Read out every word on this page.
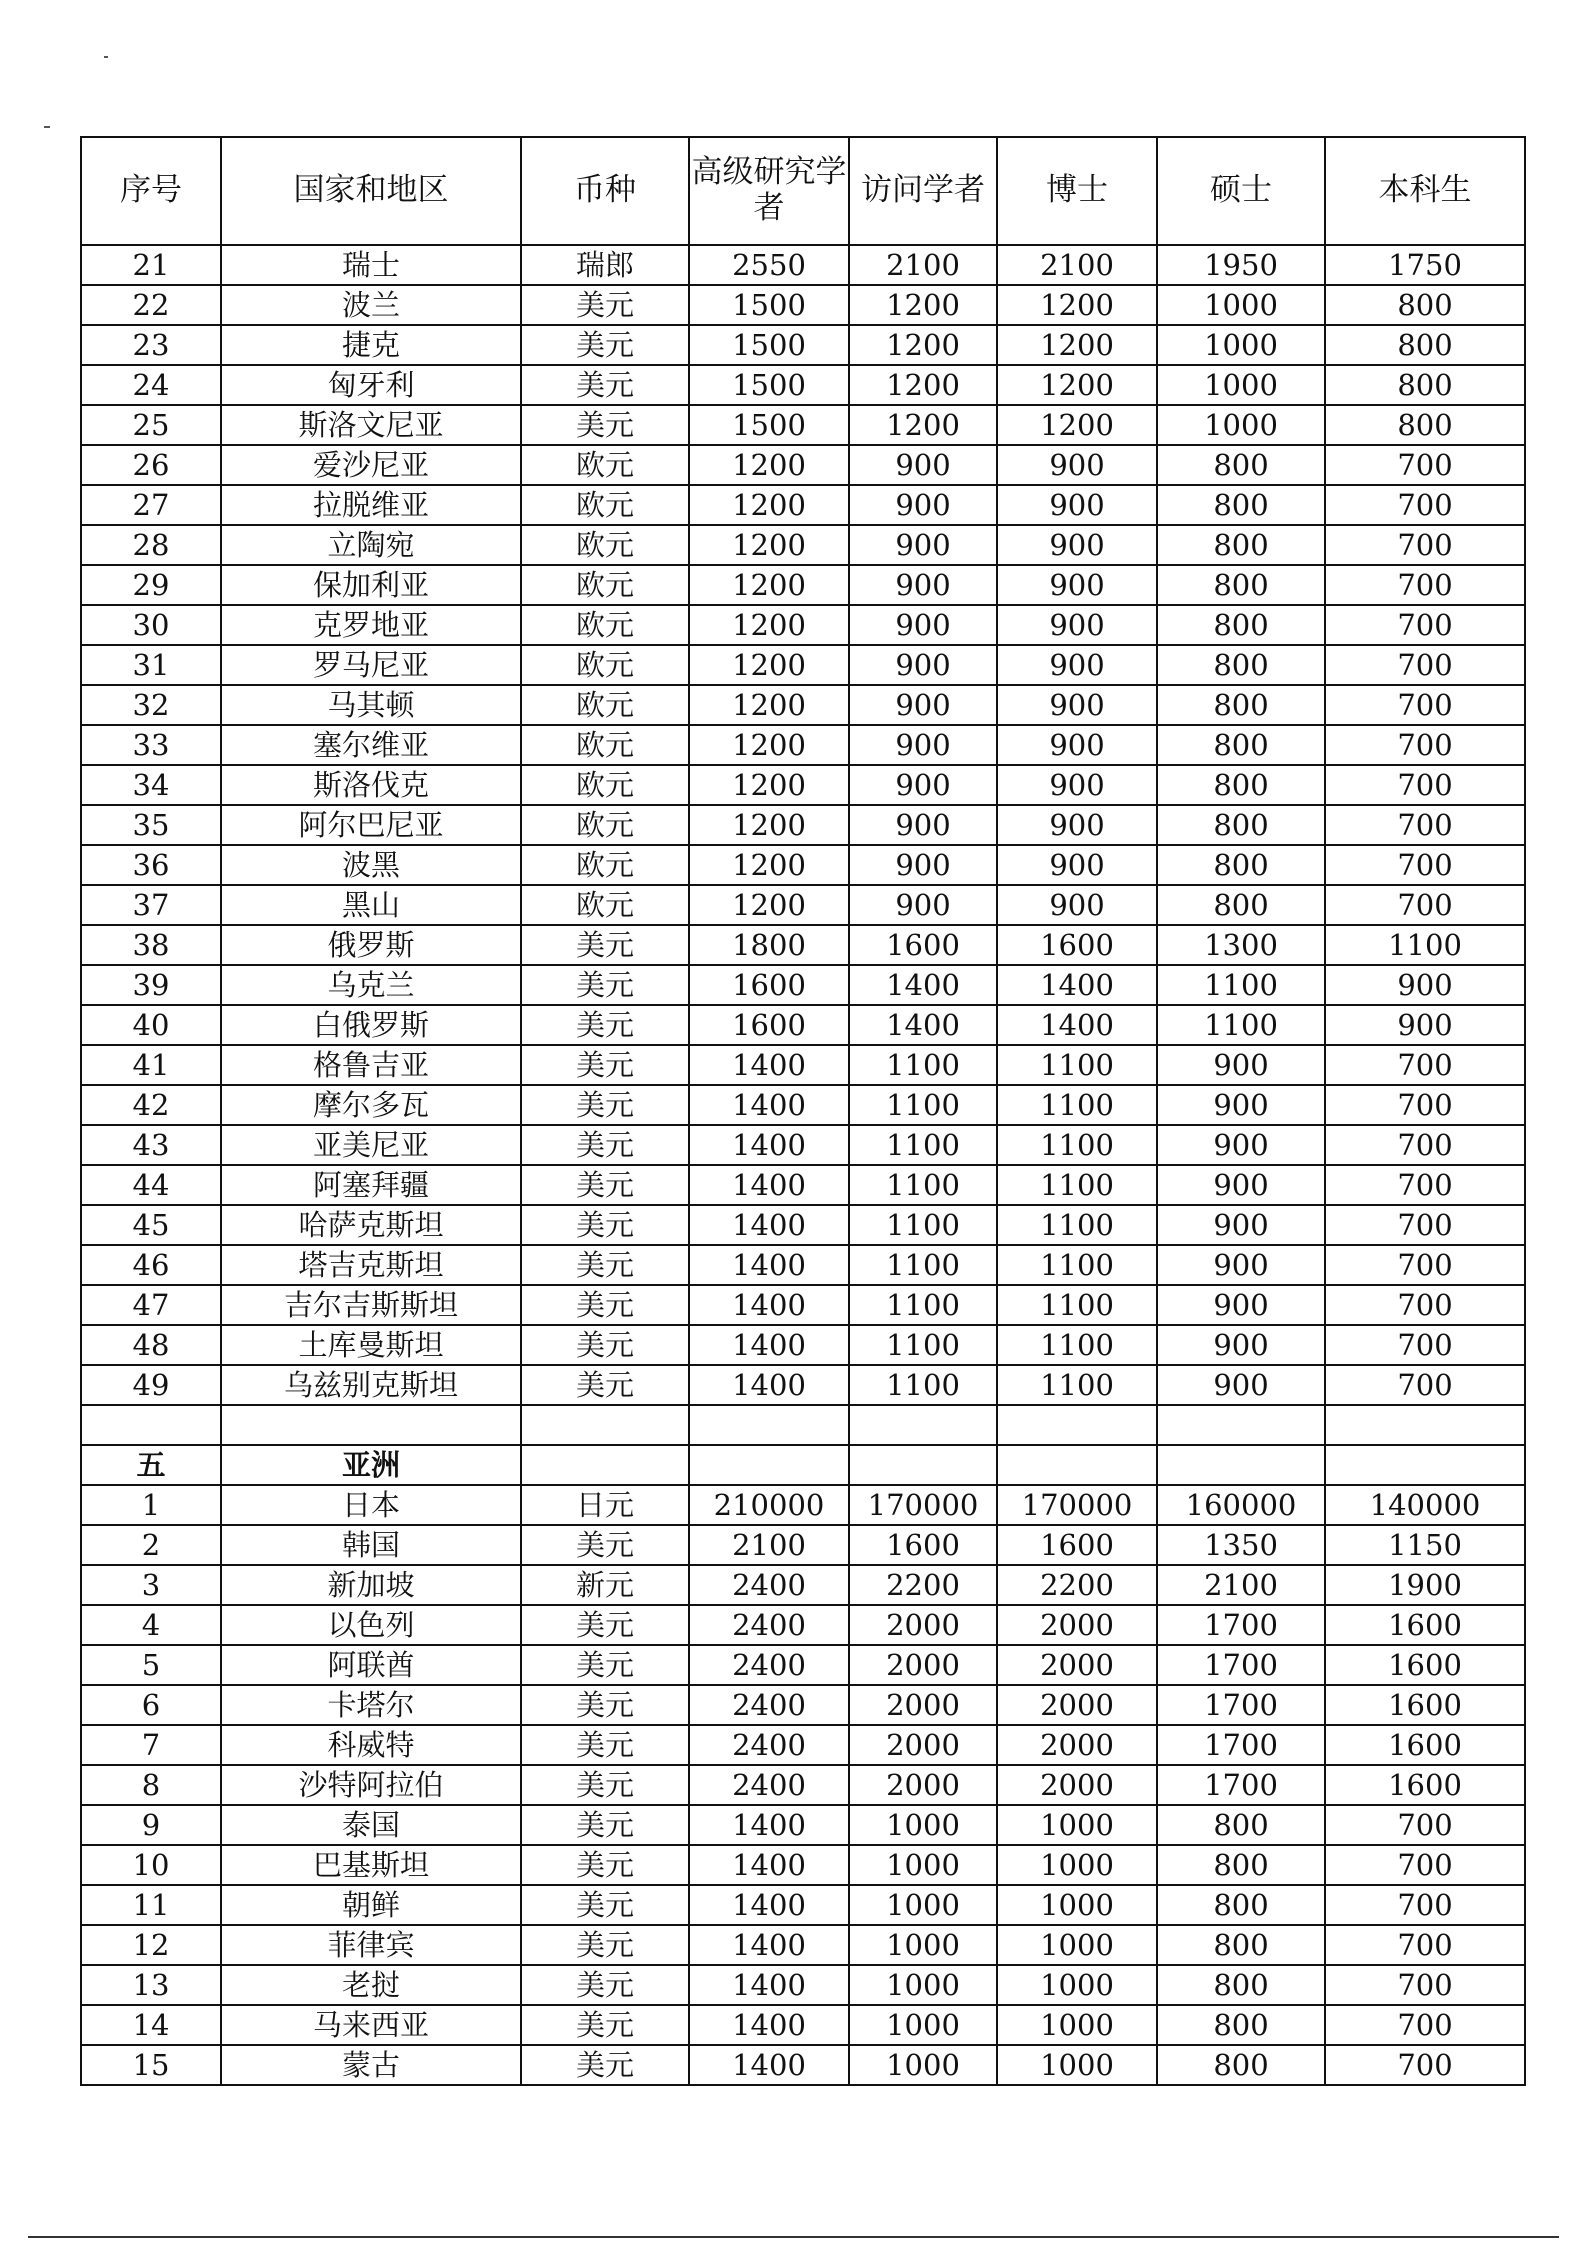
序号	国家和地区	币种	高级研究学者	访问学者	博士	硕士	本科生
21	瑞士	瑞郎	2550	2100	2100	1950	1750
22	波兰	美元	1500	1200	1200	1000	800
23	捷克	美元	1500	1200	1200	1000	800
24	匈牙利	美元	1500	1200	1200	1000	800
25	斯洛文尼亚	美元	1500	1200	1200	1000	800
26	爱沙尼亚	欧元	1200	900	900	800	700
27	拉脱维亚	欧元	1200	900	900	800	700
28	立陶宛	欧元	1200	900	900	800	700
29	保加利亚	欧元	1200	900	900	800	700
30	克罗地亚	欧元	1200	900	900	800	700
31	罗马尼亚	欧元	1200	900	900	800	700
32	马其顿	欧元	1200	900	900	800	700
33	塞尔维亚	欧元	1200	900	900	800	700
34	斯洛伐克	欧元	1200	900	900	800	700
35	阿尔巴尼亚	欧元	1200	900	900	800	700
36	波黑	欧元	1200	900	900	800	700
37	黑山	欧元	1200	900	900	800	700
38	俄罗斯	美元	1800	1600	1600	1300	1100
39	乌克兰	美元	1600	1400	1400	1100	900
40	白俄罗斯	美元	1600	1400	1400	1100	900
41	格鲁吉亚	美元	1400	1100	1100	900	700
42	摩尔多瓦	美元	1400	1100	1100	900	700
43	亚美尼亚	美元	1400	1100	1100	900	700
44	阿塞拜疆	美元	1400	1100	1100	900	700
45	哈萨克斯坦	美元	1400	1100	1100	900	700
46	塔吉克斯坦	美元	1400	1100	1100	900	700
47	吉尔吉斯斯坦	美元	1400	1100	1100	900	700
48	土库曼斯坦	美元	1400	1100	1100	900	700
49	乌兹别克斯坦	美元	1400	1100	1100	900	700

五	亚洲						
1	日本	日元	210000	170000	170000	160000	140000
2	韩国	美元	2100	1600	1600	1350	1150
3	新加坡	新元	2400	2200	2200	2100	1900
4	以色列	美元	2400	2000	2000	1700	1600
5	阿联酋	美元	2400	2000	2000	1700	1600
6	卡塔尔	美元	2400	2000	2000	1700	1600
7	科威特	美元	2400	2000	2000	1700	1600
8	沙特阿拉伯	美元	2400	2000	2000	1700	1600
9	泰国	美元	1400	1000	1000	800	700
10	巴基斯坦	美元	1400	1000	1000	800	700
11	朝鲜	美元	1400	1000	1000	800	700
12	菲律宾	美元	1400	1000	1000	800	700
13	老挝	美元	1400	1000	1000	800	700
14	马来西亚	美元	1400	1000	1000	800	700
15	蒙古	美元	1400	1000	1000	800	700
